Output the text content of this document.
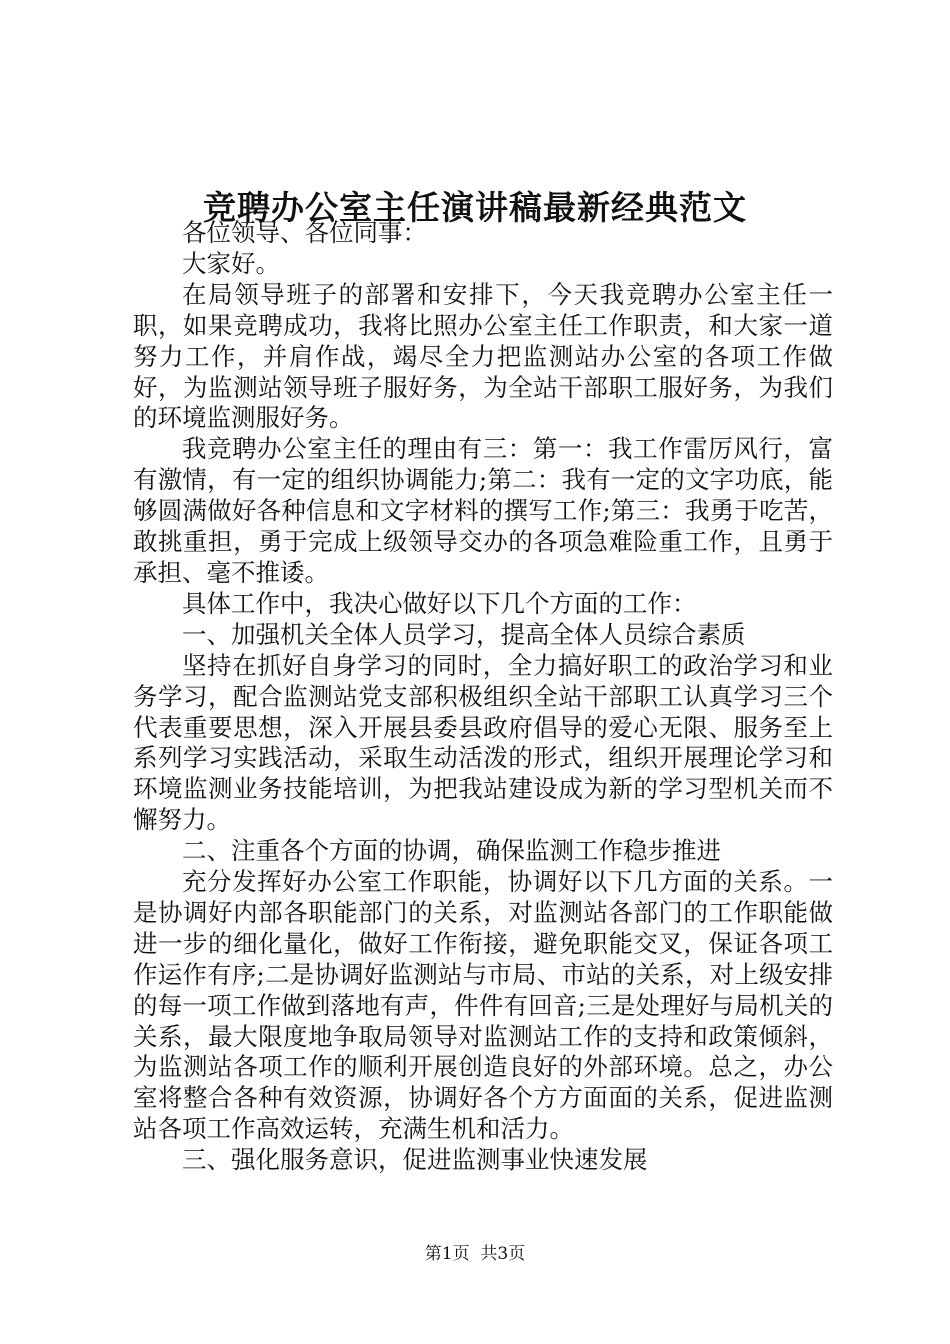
竞聘办公室主任演讲稿最新经典范文

各位领导、各位同事：

大家好。

在局领导班子的部署和安排下，今天我竞聘办公室主任一职，如果竞聘成功，我将比照办公室主任工作职责，和大家一道努力工作，并肩作战，竭尽全力把监测站办公室的各项工作做好，为监测站领导班子服好务，为全站干部职工服好务，为我们的环境监测服好务。

我竞聘办公室主任的理由有三：第一：我工作雷厉风行，富有激情，有一定的组织协调能力;第二：我有一定的文字功底，能够圆满做好各种信息和文字材料的撰写工作;第三：我勇于吃苦，敢挑重担，勇于完成上级领导交办的各项急难险重工作，且勇于承担、毫不推诿。

具体工作中，我决心做好以下几个方面的工作：

一、加强机关全体人员学习，提高全体人员综合素质

坚持在抓好自身学习的同时，全力搞好职工的政治学习和业务学习，配合监测站党支部积极组织全站干部职工认真学习三个代表重要思想，深入开展县委县政府倡导的爱心无限、服务至上系列学习实践活动，采取生动活泼的形式，组织开展理论学习和环境监测业务技能培训，为把我站建设成为新的学习型机关而不懈努力。

二、注重各个方面的协调，确保监测工作稳步推进

充分发挥好办公室工作职能，协调好以下几方面的关系。一是协调好内部各职能部门的关系，对监测站各部门的工作职能做进一步的细化量化，做好工作衔接，避免职能交叉，保证各项工作运作有序;二是协调好监测站与市局、市站的关系，对上级安排的每一项工作做到落地有声，件件有回音;三是处理好与局机关的关系，最大限度地争取局领导对监测站工作的支持和政策倾斜，为监测站各项工作的顺利开展创造良好的外部环境。总之，办公室将整合各种有效资源，协调好各个方方面面的关系，促进监测站各项工作高效运转，充满生机和活力。

三、强化服务意识，促进监测事业快速发展

第1页 共3页
